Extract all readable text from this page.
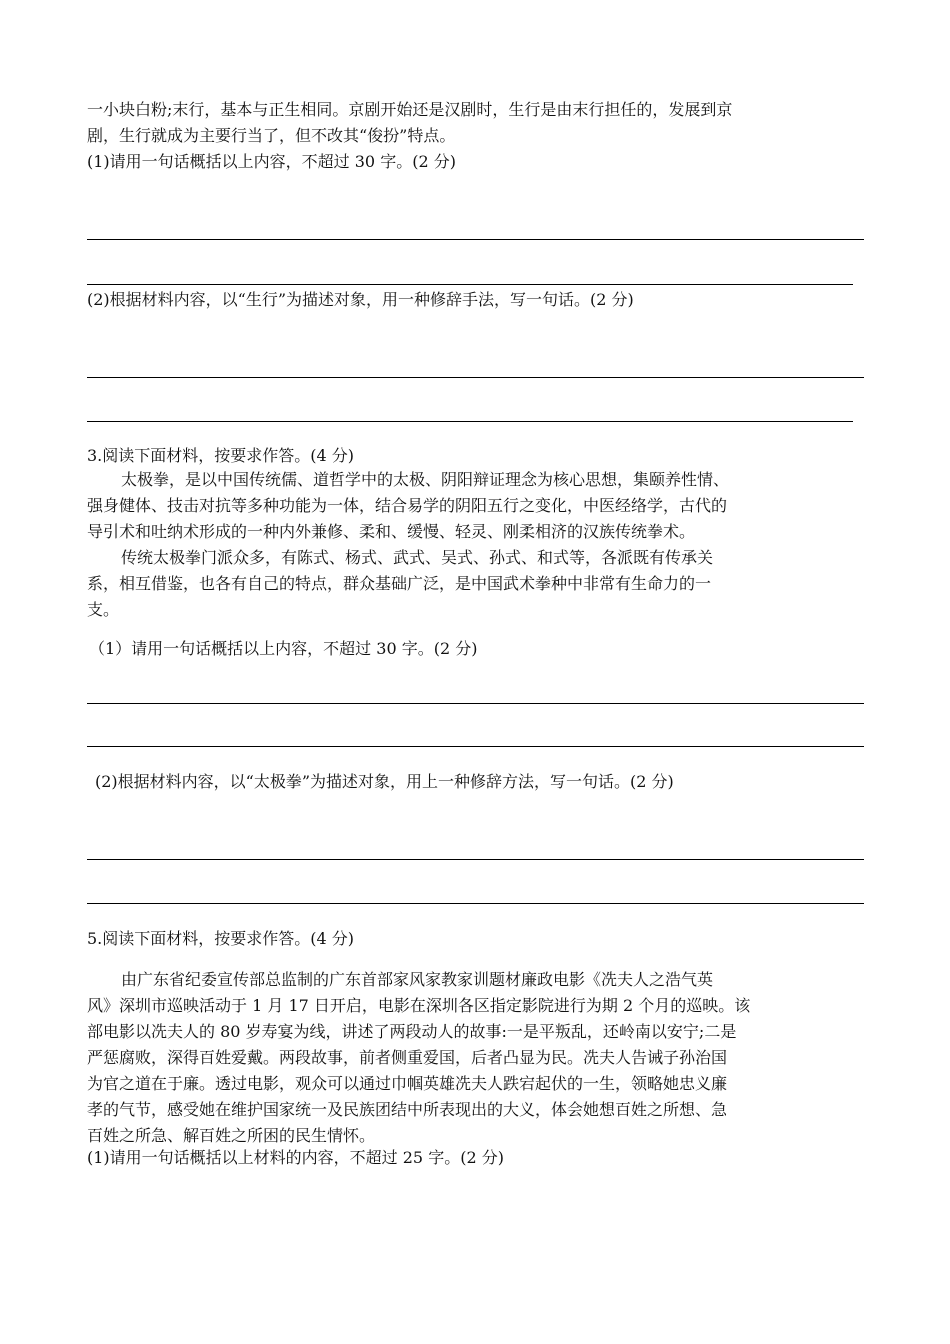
一小块白粉;末行，基本与正生相同。京剧开始还是汉剧时，生行是由末行担任的，发展到京
剧，生行就成为主要行当了，但不改其“俊扮”特点。
(1)请用一句话概括以上内容，不超过 30 字。(2 分)
(2)根据材料内容，以“生行”为描述对象，用一种修辞手法，写一句话。(2 分)
3.阅读下面材料，按要求作答。(4 分)
太极拳，是以中国传统儒、道哲学中的太极、阴阳辩证理念为核心思想，集颐养性情、
强身健体、技击对抗等多种功能为一体，结合易学的阴阳五行之变化，中医经络学，古代的
导引术和吐纳术形成的一种内外兼修、柔和、缓慢、轻灵、刚柔相济的汉族传统拳术。
传统太极拳门派众多，有陈式、杨式、武式、吴式、孙式、和式等，各派既有传承关
系，相互借鉴，也各有自己的特点，群众基础广泛，是中国武术拳种中非常有生命力的一
支。
（1）请用一句话概括以上内容，不超过 30 字。(2 分)
(2)根据材料内容，以“太极拳”为描述对象，用上一种修辞方法，写一句话。(2 分)
5.阅读下面材料，按要求作答。(4 分)
由广东省纪委宣传部总监制的广东首部家风家教家训题材廉政电影《冼夫人之浩气英
风》深圳市巡映活动于 1 月 17 日开启，电影在深圳各区指定影院进行为期 2 个月的巡映。该
部电影以冼夫人的 80 岁寿宴为线，讲述了两段动人的故事:一是平叛乱，还岭南以安宁;二是
严惩腐败，深得百姓爱戴。两段故事，前者侧重爱国，后者凸显为民。冼夫人告诫子孙治国
为官之道在于廉。透过电影，观众可以通过巾帼英雄冼夫人跌宕起伏的一生，领略她忠义廉
孝的气节，感受她在维护国家统一及民族团结中所表现出的大义，体会她想百姓之所想、急
百姓之所急、解百姓之所困的民生情怀。
(1)请用一句话概括以上材料的内容，不超过 25 字。(2 分)
